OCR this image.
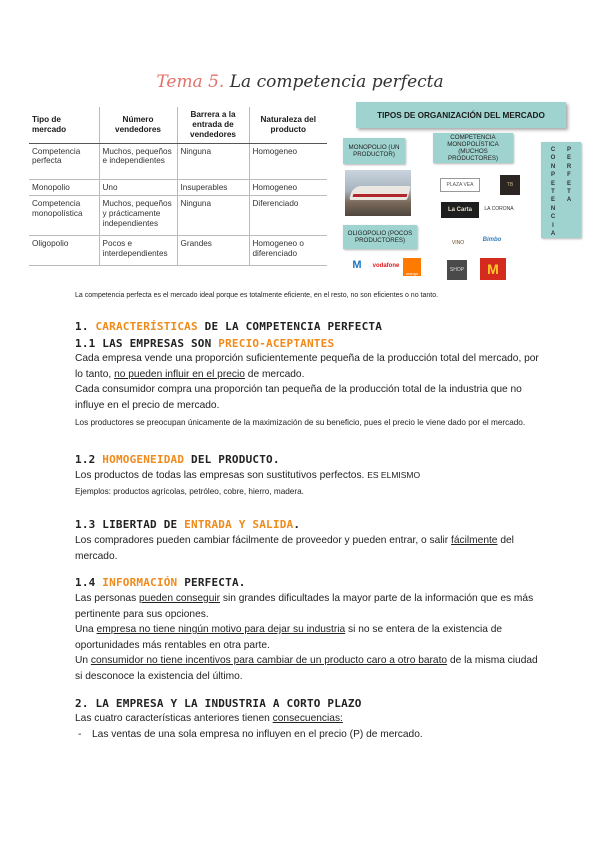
Tema 5. La competencia perfecta
Tipo de mercado	Número vendedores	Barrera a la entrada de vendedores	Naturaleza del producto
Competencia perfecta	Muchos, pequeños e independientes	Ninguna	Homogeneo
Monopolio	Uno	Insuperables	Homogeneo
Competencia monopolística	Muchos, pequeños y prácticamente independientes	Ninguna	Diferenciado
Oligopolio	Pocos e interdependientes	Grandes	Homogeneo o diferenciado
TIPOS DE ORGANIZACIÓN DEL MERCADO
MONOPOLIO (UN PRODUCTOR)
COMPETENCIA MONOPOLÍSTICA (MUCHOS PRODUCTORES)
OLIGOPOLIO (POCOS PRODUCTORES)
C
O
N
P
E
T
E
N
C
I
A
P
E
R
F
E
T
A
PLAZA VEA	TB
La Carta	LA CORONA
VINO	Bimbo
M	vodafone
orange
SHOP	M
La competencia perfecta es el mercado ideal porque es totalmente eficiente, en el resto, no son eficientes o no tanto.
1. CARACTERÍSTICAS DE LA COMPETENCIA PERFECTA
1.1 LAS EMPRESAS SON PRECIO-ACEPTANTES
Cada empresa vende una proporción suficientemente pequeña de la producción total del mercado, por lo tanto, no pueden influir en el precio de mercado.
Cada consumidor compra una proporción tan pequeña de la producción total de la industria que no influye en el precio de mercado.
Los productores se preocupan únicamente de la maximización de su beneficio, pues el precio le viene dado por el mercado.
1.2 HOMOGENEIDAD DEL PRODUCTO.
Los productos de todas las empresas son sustitutivos perfectos. ES ELMISMO
Ejemplos: productos agrícolas, petróleo, cobre, hierro, madera.
1.3 LIBERTAD DE ENTRADA Y SALIDA.
Los compradores pueden cambiar fácilmente de proveedor y pueden entrar, o salir fácilmente del mercado.
1.4 INFORMACIÓN PERFECTA.
Las personas pueden conseguir sin grandes dificultades la mayor parte de la información que es más pertinente para sus opciones.
Una empresa no tiene ningún motivo para dejar su industria si no se entera de la existencia de oportunidades más rentables en otra parte.
Un consumidor no tiene incentivos para cambiar de un producto caro a otro barato de la misma ciudad si desconoce la existencia del último.
2. LA EMPRESA Y LA INDUSTRIA A CORTO PLAZO
Las cuatro características anteriores tienen consecuencias:
- Las ventas de una sola empresa no influyen en el precio (P) de mercado.
